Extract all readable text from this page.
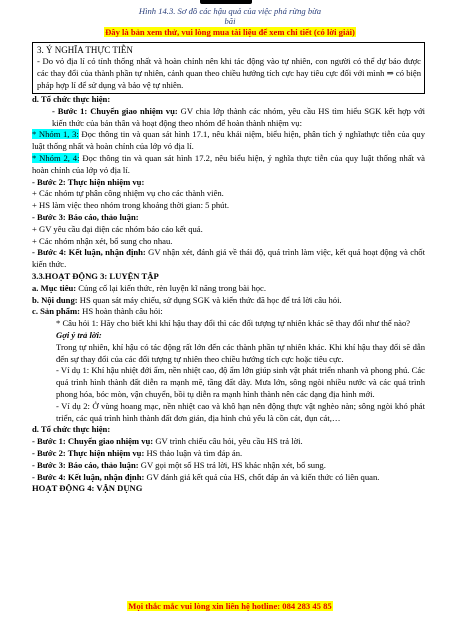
Hình 14.3. Sơ đồ các hậu quả của việc phá rừng bừa
bãi
Đây là bản xem thử, vui lòng mua tài liệu để xem chi tiết (có lời giải)
3. Ý NGHĨA THỰC TIỄN
- Do vỏ địa lí có tính thống nhất và hoàn chỉnh nên khi tác động vào tự nhiên, con người có thể dự báo được các thay đổi của thành phần tự nhiên, cảnh quan theo chiều hướng tích cực hay tiêu cực đối với mình ⇒ có biện pháp hợp lí để sử dụng và bảo vệ tự nhiên.

d. Tổ chức thực hiện:

- Bước 1: Chuyển giao nhiệm vụ: GV chia lớp thành các nhóm, yêu cầu HS tìm hiểu SGK kết hợp với kiến thức của bản thân và hoạt động theo nhóm để hoàn thành nhiệm vụ:

* Nhóm 1, 3: Đọc thông tin và quan sát hình 17.1, nêu khái niệm, biểu hiện, phân tích ý nghĩathực tiễn của quy luật thống nhất và hoàn chỉnh của lớp vỏ địa lí.

* Nhóm 2, 4: Đọc thông tin và quan sát hình 17.2, nêu biểu hiện, ý nghĩa thực tiễn của quy luật thống nhất và hoàn chỉnh của lớp vỏ địa lí.

- Bước 2: Thực hiện nhiệm vụ:

+ Các nhóm tự phân công nhiệm vụ cho các thành viên.

+ HS làm việc theo nhóm trong khoảng thời gian: 5 phút.

- Bước 3: Báo cáo, thảo luận:

+ GV yêu cầu đại diện các nhóm báo cáo kết quả.

+ Các nhóm nhận xét, bổ sung cho nhau.

- Bước 4: Kết luận, nhận định: GV nhận xét, đánh giá về thái độ, quá trình làm việc, kết quả hoạt động và chốt kiến thức.

3.3.HOẠT ĐỘNG 3: LUYỆN TẬP

a. Mục tiêu: Củng cố lại kiến thức, rèn luyện kĩ năng trong bài học.

b. Nội dung: HS quan sát máy chiếu, sử dụng SGK và kiến thức đã học để trả lời câu hỏi.

c. Sản phẩm: HS hoàn thành câu hỏi:

* Câu hỏi 1: Hãy cho biết khi khí hậu thay đổi thì các đối tượng tự nhiên khác sẽ thay đổi như thế nào?

Gợi ý trả lời:

Trong tự nhiên, khí hậu có tác động rất lớn đến các thành phần tự nhiên khác. Khi khí hậu thay đổi sẽ dẫn đến sự thay đổi của các đối tượng tự nhiên theo chiều hướng tích cực hoặc tiêu cực.

- Ví dụ 1: Khí hậu nhiệt đới ẩm, nền nhiệt cao, độ ẩm lớn giúp sinh vật phát triển nhanh và phong phú. Các quá trình hình thành đất diễn ra mạnh mẽ, tầng đất dày. Mưa lớn, sông ngòi nhiều nước và các quá trình phong hóa, bóc mòn, vận chuyển, bồi tụ diễn ra mạnh hình thành nên các dạng địa hình mới.

- Ví dụ 2: Ở vùng hoang mạc, nền nhiệt cao và khô hạn nên động thực vật nghèo nàn; sông ngòi khó phát triển, các quá trình hình thành đất đơn giản, địa hình chủ yếu là cồn cát, đụn cát,…

d. Tổ chức thực hiện:

- Bước 1: Chuyển giao nhiệm vụ: GV trình chiếu câu hỏi, yêu cầu HS trả lời.

- Bước 2: Thực hiện nhiệm vụ: HS thảo luận và tìm đáp án.

- Bước 3: Báo cáo, thảo luận: GV gọi một số HS trả lời, HS khác nhận xét, bổ sung.

- Bước 4: Kết luận, nhận định: GV đánh giá kết quả của HS, chốt đáp án và kiến thức có liên quan.

HOẠT ĐỘNG 4: VẬN DỤNG

Mọi thắc mắc vui lòng xin liên hệ hotline: 084 283 45 85
